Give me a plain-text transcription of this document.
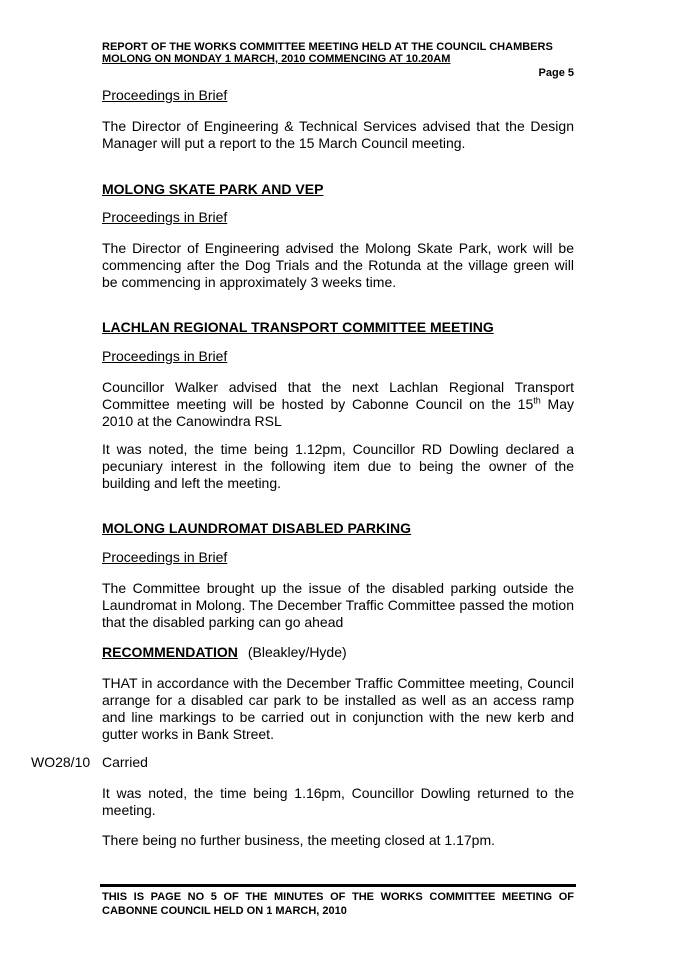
REPORT OF THE WORKS COMMITTEE MEETING HELD AT THE COUNCIL CHAMBERS
MOLONG ON MONDAY 1 MARCH, 2010 COMMENCING AT 10.20AM
Page 5
Proceedings in Brief
The Director of Engineering & Technical Services advised that the Design Manager will put a report to the 15 March Council meeting.
MOLONG SKATE PARK AND VEP
Proceedings in Brief
The Director of Engineering advised the Molong Skate Park, work will be commencing after the Dog Trials and the Rotunda at the village green will be commencing in approximately 3 weeks time.
LACHLAN REGIONAL TRANSPORT COMMITTEE MEETING
Proceedings in Brief
Councillor Walker advised that the next Lachlan Regional Transport Committee meeting will be hosted by Cabonne Council on the 15th May 2010 at the Canowindra RSL
It was noted, the time being 1.12pm, Councillor RD Dowling declared a pecuniary interest in the following item due to being the owner of the building and left the meeting.
MOLONG LAUNDROMAT DISABLED PARKING
Proceedings in Brief
The Committee brought up the issue of the disabled parking outside the Laundromat in Molong. The December Traffic Committee passed the motion that the disabled parking can go ahead
RECOMMENDATION (Bleakley/Hyde)
THAT in accordance with the December Traffic Committee meeting, Council arrange for a disabled car park to be installed as well as an access ramp and line markings to be carried out in conjunction with the new kerb and gutter works in Bank Street.
WO28/10 Carried
It was noted, the time being 1.16pm, Councillor Dowling returned to the meeting.
There being no further business, the meeting closed at 1.17pm.
THIS IS PAGE NO 5 OF THE MINUTES OF THE WORKS COMMITTEE MEETING OF CABONNE COUNCIL HELD ON 1 MARCH, 2010
